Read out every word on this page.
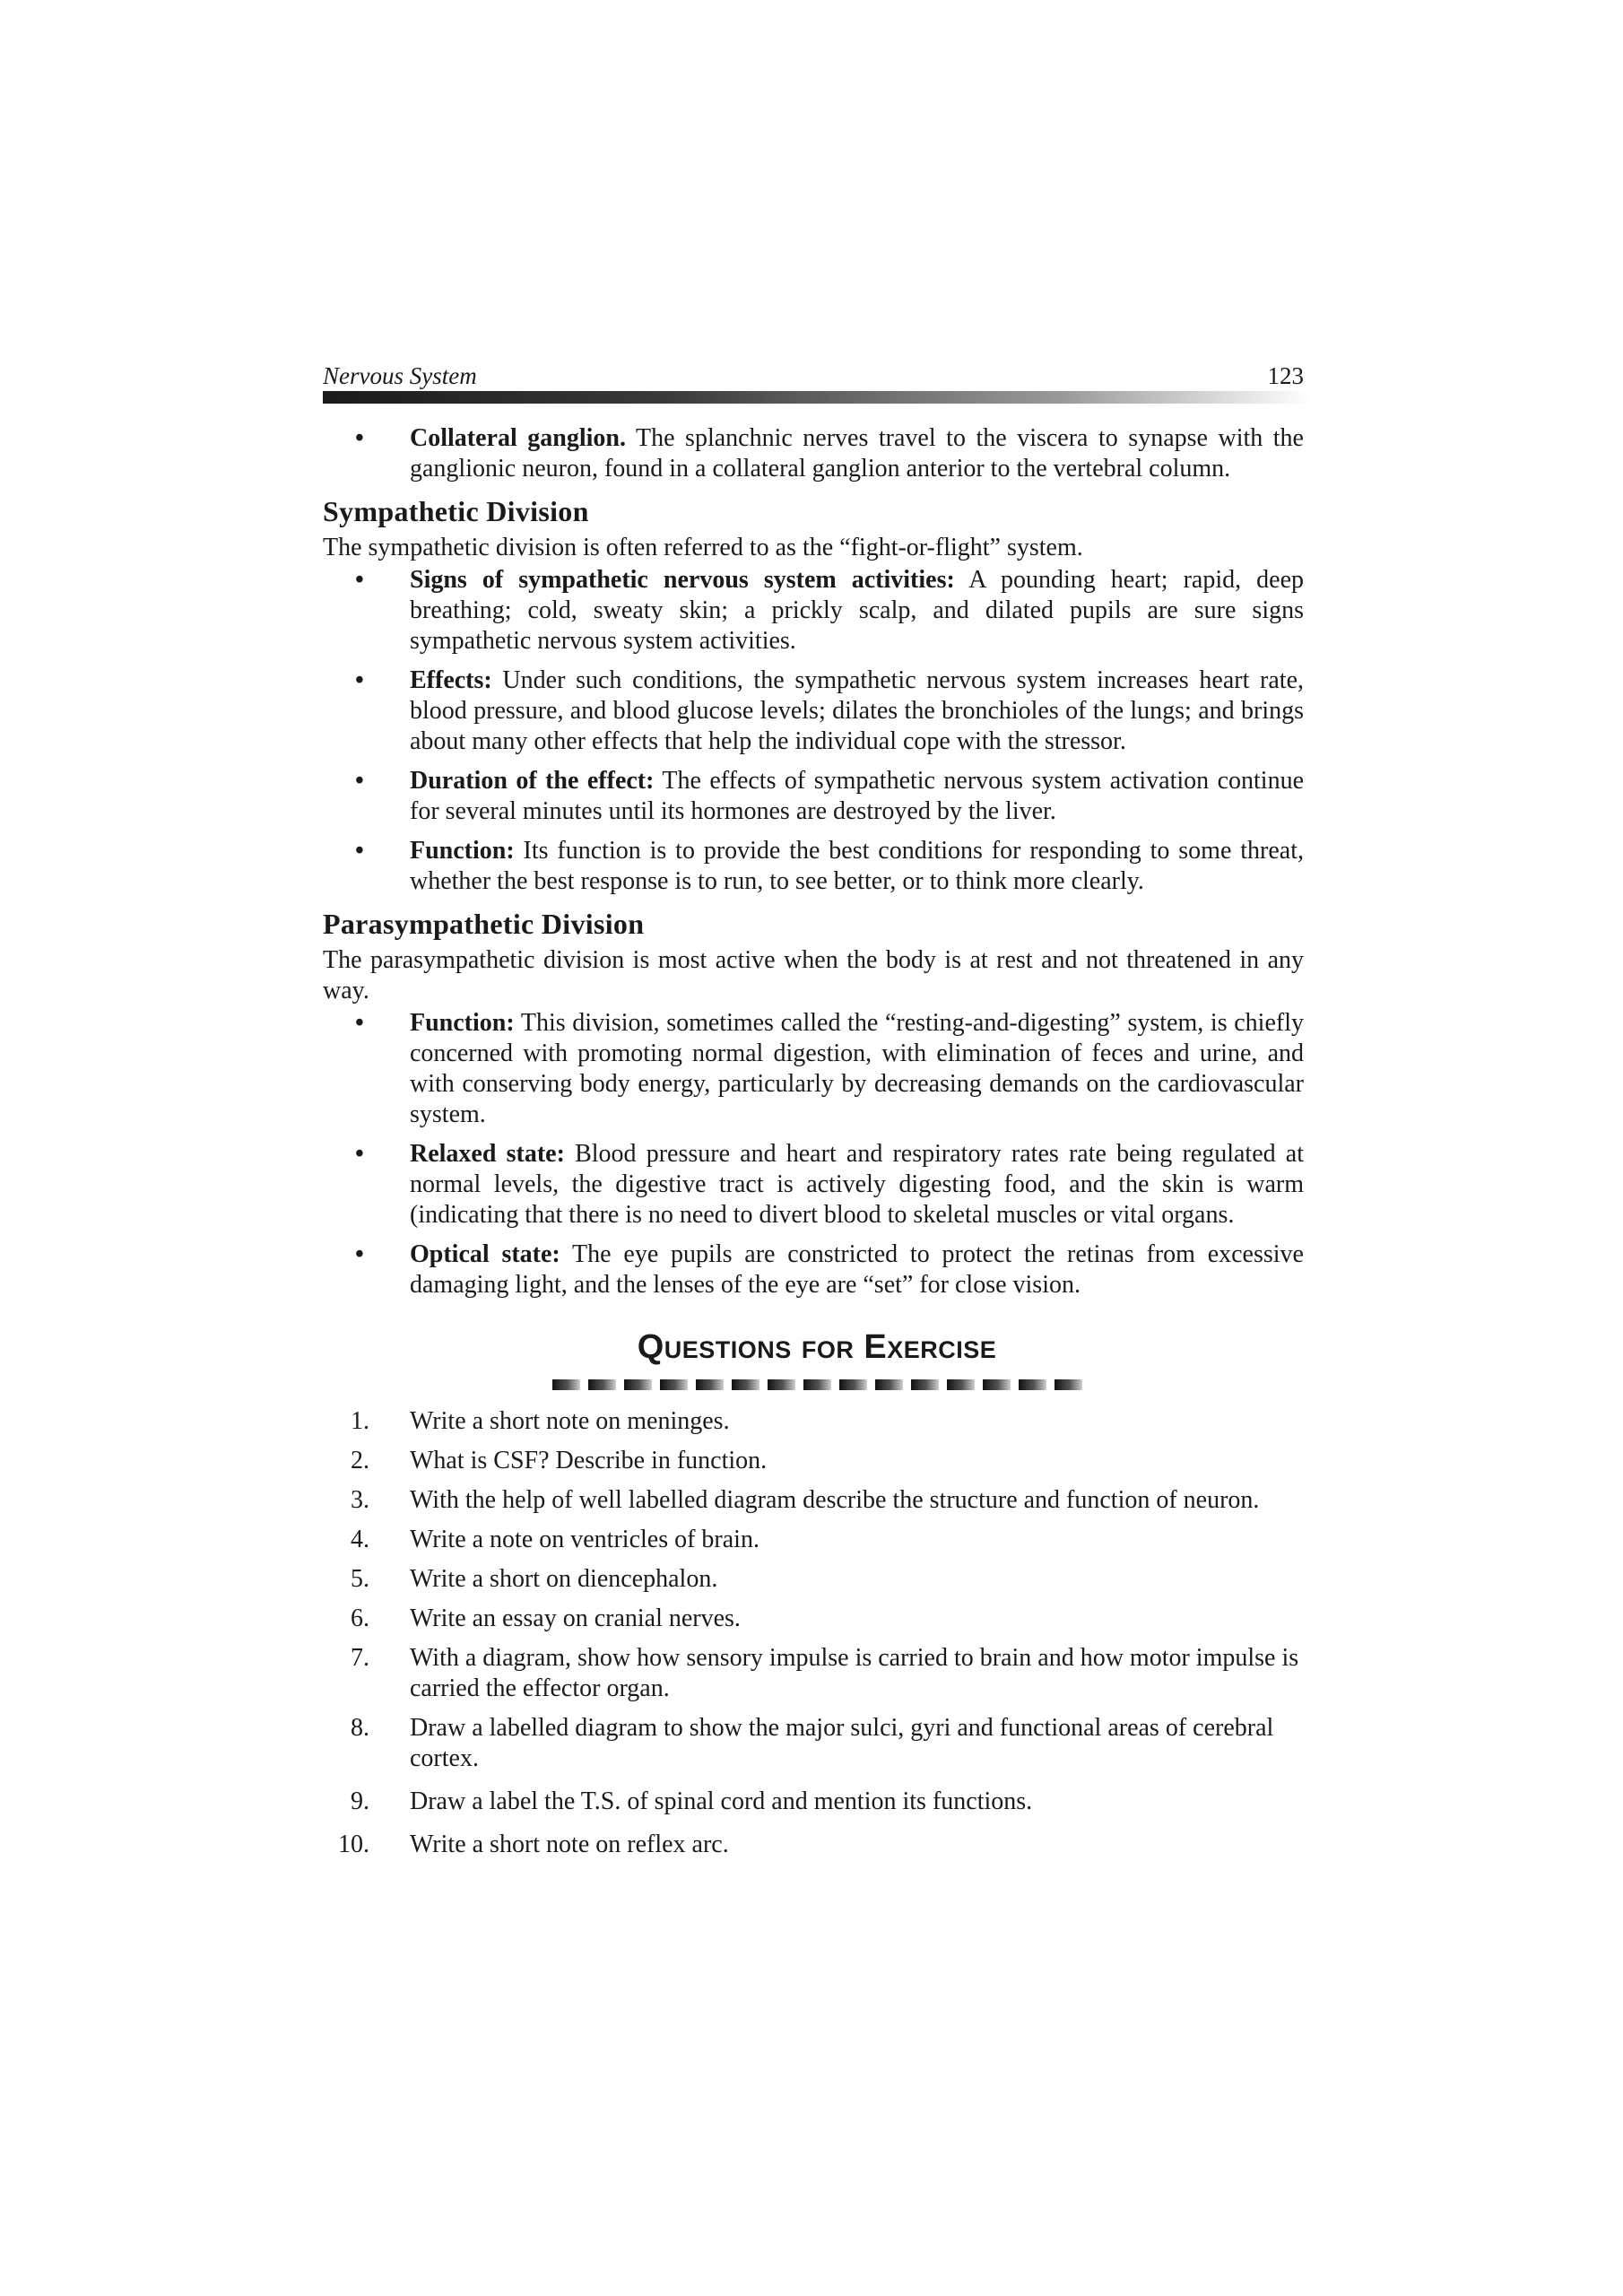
Nervous System	123
• Collateral ganglion. The splanchnic nerves travel to the viscera to synapse with the ganglionic neuron, found in a collateral ganglion anterior to the vertebral column.
Sympathetic Division

The sympathetic division is often referred to as the “fight-or-flight” system.

• Signs of sympathetic nervous system activities: A pounding heart; rapid, deep breathing; cold, sweaty skin; a prickly scalp, and dilated pupils are sure signs sympathetic nervous system activities.
• Effects: Under such conditions, the sympathetic nervous system increases heart rate, blood pressure, and blood glucose levels; dilates the bronchioles of the lungs; and brings about many other effects that help the individual cope with the stressor.
• Duration of the effect: The effects of sympathetic nervous system activation continue for several minutes until its hormones are destroyed by the liver.
• Function: Its function is to provide the best conditions for responding to some threat, whether the best response is to run, to see better, or to think more clearly.
Parasympathetic Division

The parasympathetic division is most active when the body is at rest and not threatened in any way.

• Function: This division, sometimes called the “resting-and-digesting” system, is chiefly concerned with promoting normal digestion, with elimination of feces and urine, and with conserving body energy, particularly by decreasing demands on the cardiovascular system.
• Relaxed state: Blood pressure and heart and respiratory rates rate being regulated at normal levels, the digestive tract is actively digesting food, and the skin is warm (indicating that there is no need to divert blood to skeletal muscles or vital organs.
• Optical state: The eye pupils are constricted to protect the retinas from excessive damaging light, and the lenses of the eye are “set” for close vision.
Questions for Exercise
1. Write a short note on meninges.
2. What is CSF? Describe in function.
3. With the help of well labelled diagram describe the structure and function of neuron.
4. Write a note on ventricles of brain.
5. Write a short on diencephalon.
6. Write an essay on cranial nerves.
7. With a diagram, show how sensory impulse is carried to brain and how motor impulse is carried the effector organ.
8. Draw a labelled diagram to show the major sulci, gyri and functional areas of cerebral cortex.
9. Draw a label the T.S. of spinal cord and mention its functions.
10. Write a short note on reflex arc.
